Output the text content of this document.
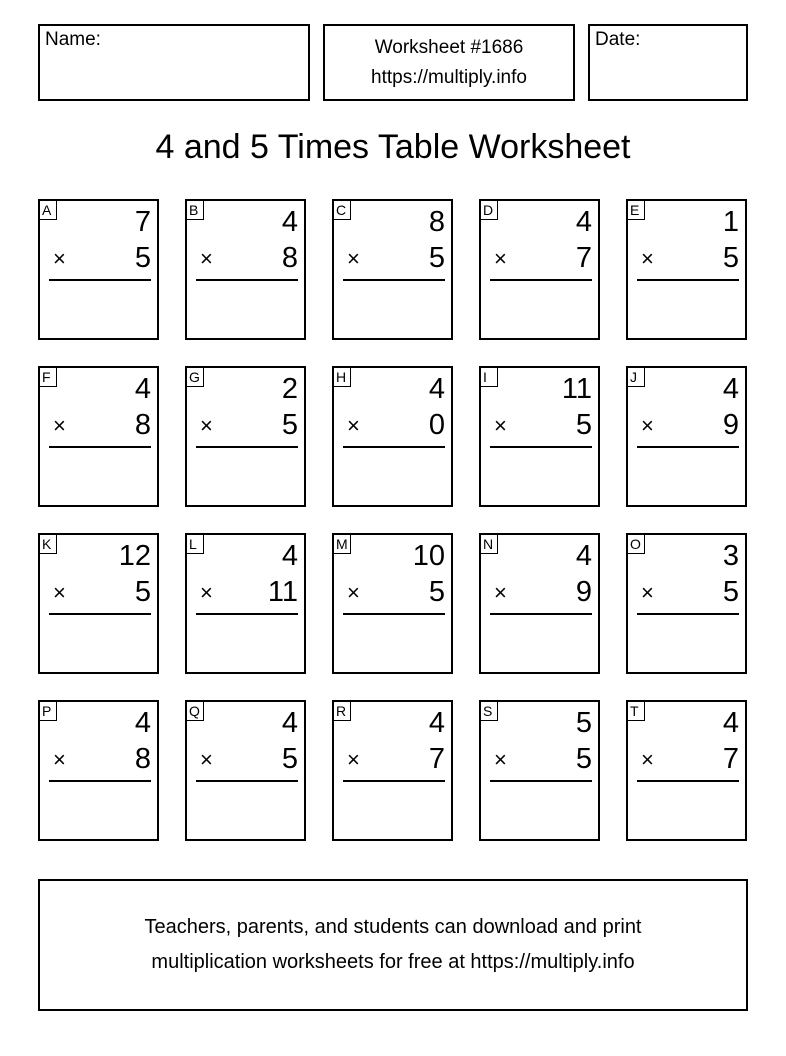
Name:	Worksheet #1686
https://multiply.info
Date:
4 and 5 Times Table Worksheet
A	7
× 5
B	4
× 8
C	8
× 5
D	4
× 7
E	1
× 5
F	4
× 8
G	2
× 5
H	4
× 0
I	11
× 5
J	4
× 9
K 12
× 5
L	4
× 11
M 10
× 5
N	4
× 9
O	3
× 5
P	4
× 8
Q	4
× 5
R	4
× 7
S	5
× 5
T	4
× 7
Teachers, parents, and students can download and print
multiplication worksheets for free at https://multiply.info
